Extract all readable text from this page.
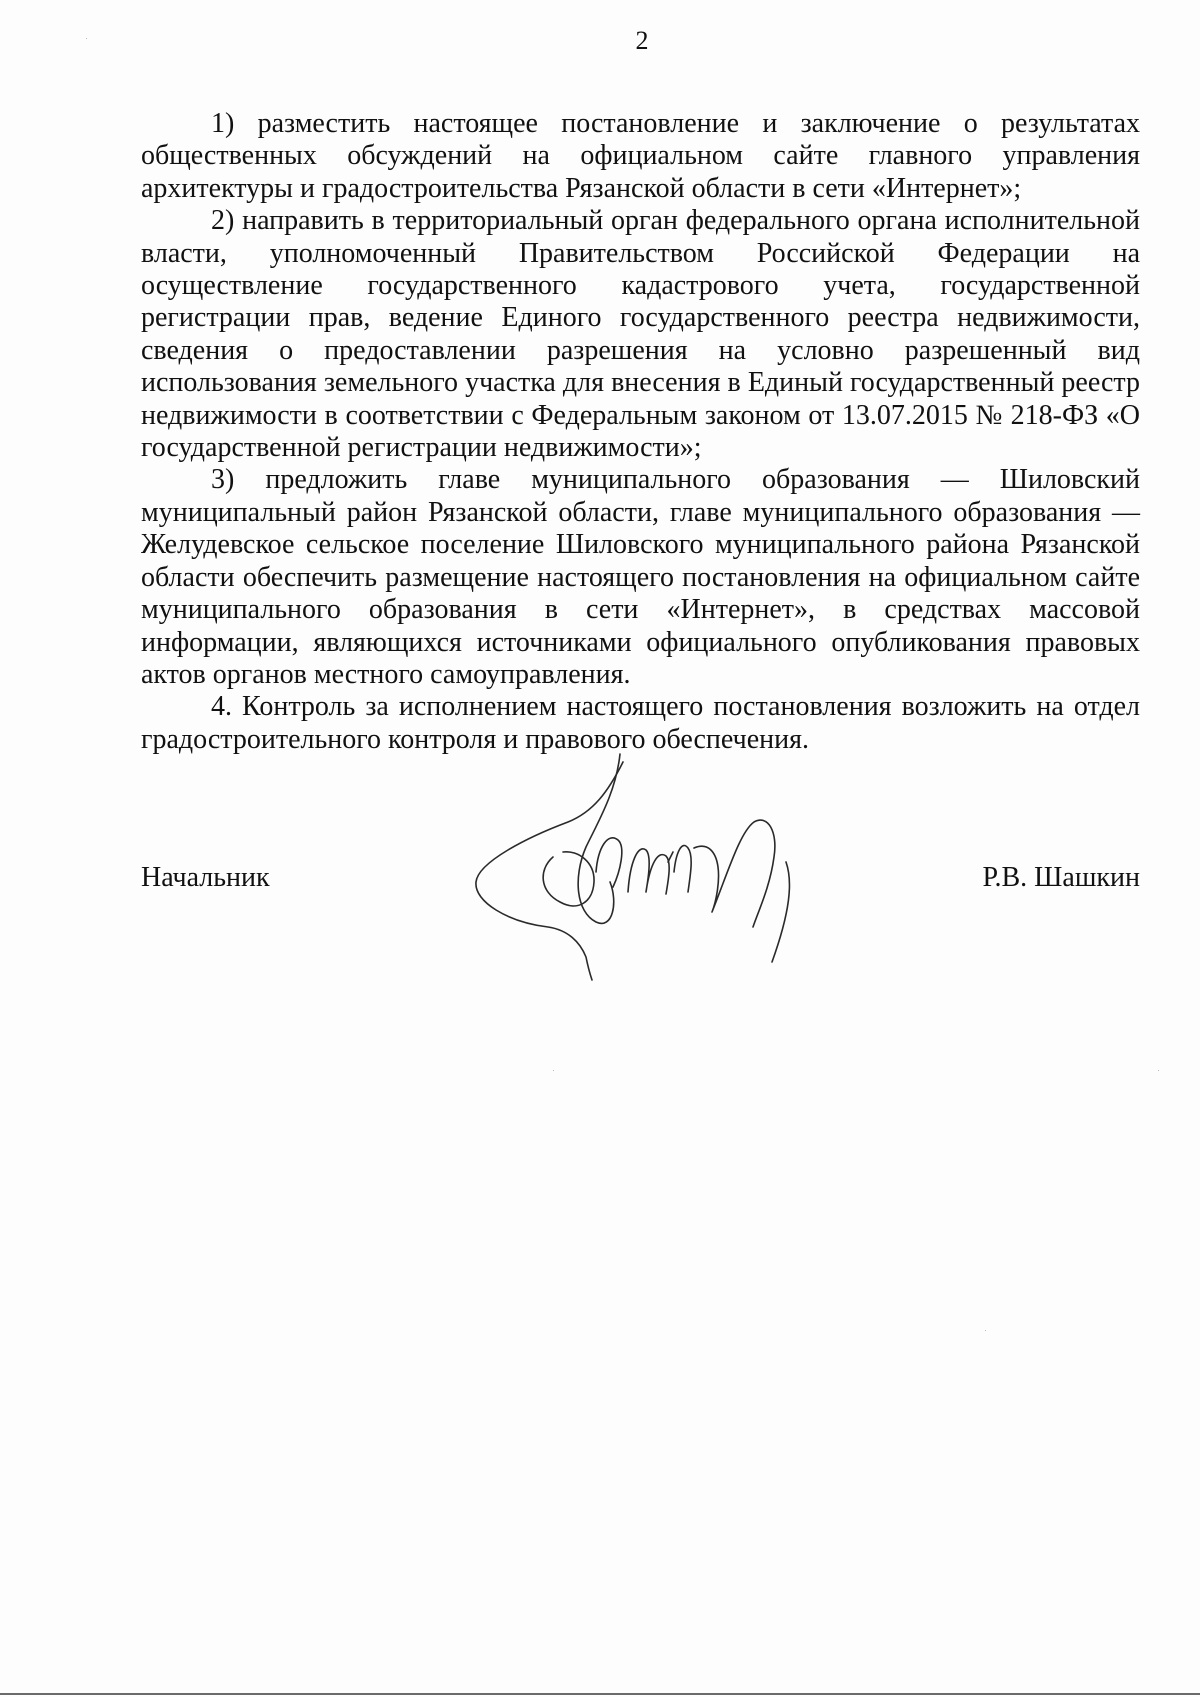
2

1) разместить настоящее постановление и заключение о результатах общественных обсуждений на официальном сайте главного управления архитектуры и градостроительства Рязанской области в сети «Интернет»;

2) направить в территориальный орган федерального органа исполнительной власти, уполномоченный Правительством Российской Федерации на осуществление государственного кадастрового учета, государственной регистрации прав, ведение Единого государственного реестра недвижимости, сведения о предоставлении разрешения на условно разрешенный вид использования земельного участка для внесения в Единый государственный реестр недвижимости в соответствии с Федеральным законом от 13.07.2015 № 218-ФЗ «О государственной регистрации недвижимости»;

3) предложить главе муниципального образования — Шиловский муниципальный район Рязанской области, главе муниципального образования — Желудевское сельское поселение Шиловского муниципального района Рязанской области обеспечить размещение настоящего постановления на официальном сайте муниципального образования в сети «Интернет», в средствах массовой информации, являющихся источниками официального опубликования правовых актов органов местного самоуправления.

4. Контроль за исполнением настоящего постановления возложить на отдел градостроительного контроля и правового обеспечения.

Начальник	Р.В. Шашкин
